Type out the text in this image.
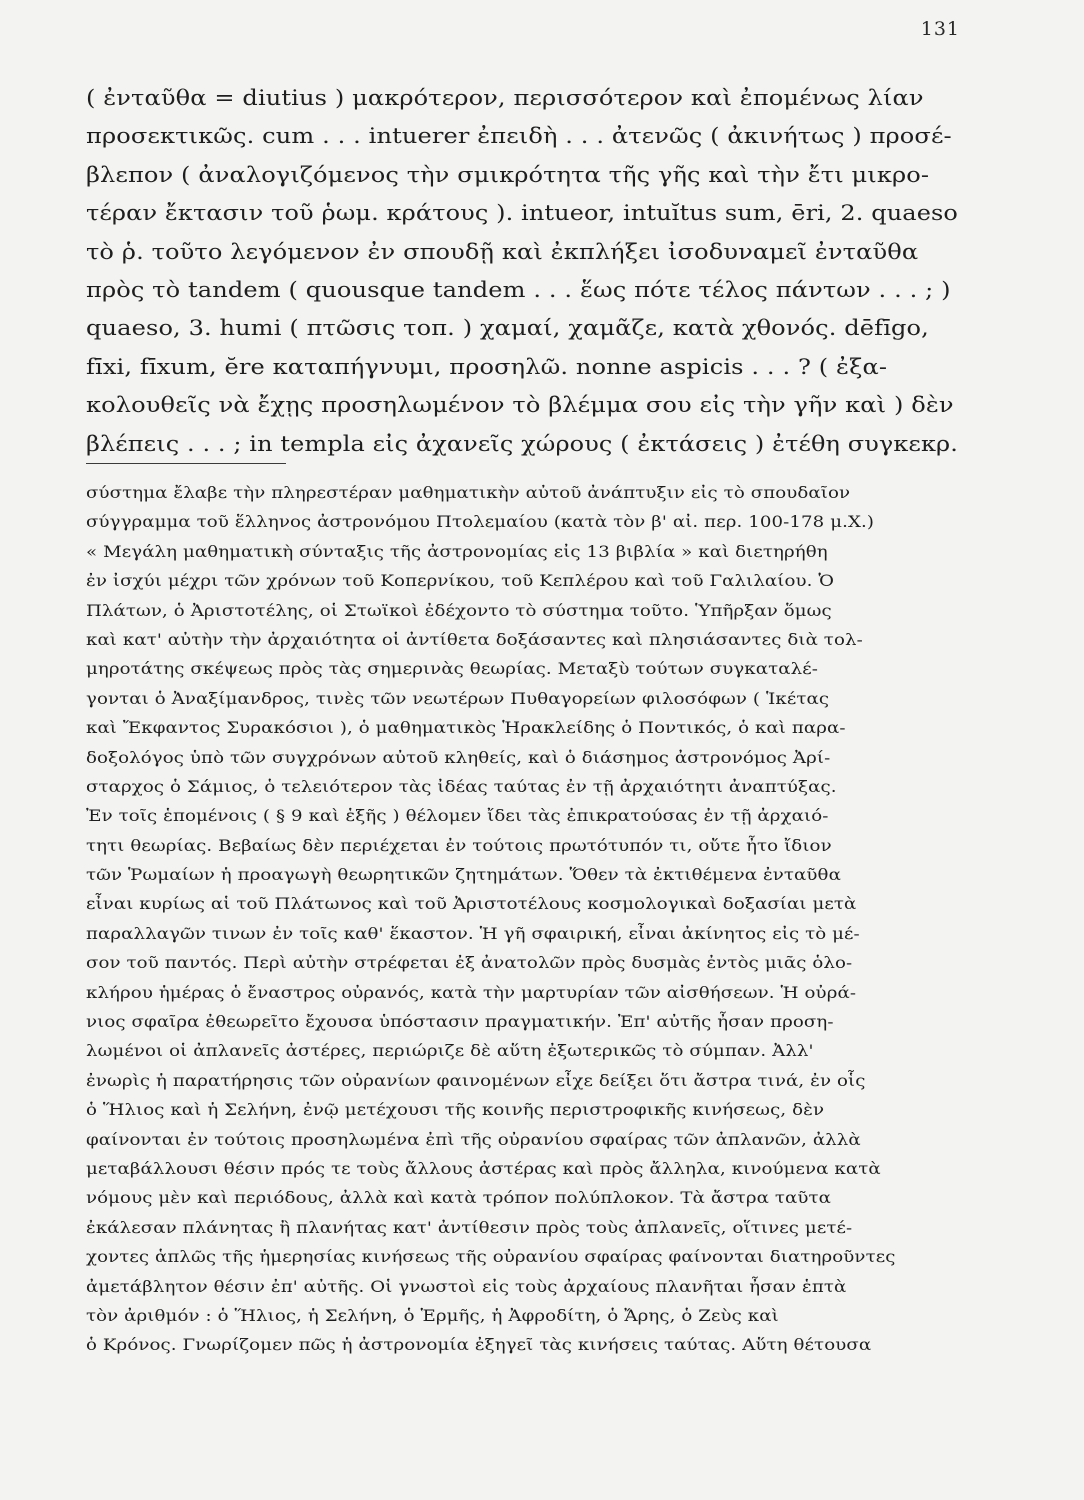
131
( ἐνταῦθα = diutius ) μακρότερον, περισσότερον καὶ ἐπομένως λίαν
προσεκτικῶς. cum . . . intuerer ἐπειδὴ . . . ἀτενῶς ( ἀκινήτως ) προσέ-
βλεπον ( ἀναλογιζόμενος τὴν σμικρότητα τῆς γῆς καὶ τὴν ἔτι μικρο-
τέραν ἔκτασιν τοῦ ῥωμ. κράτους ). intueor, intuĭtus sum, ēri, 2. quaeso
τὸ ῥ. τοῦτο λεγόμενον ἐν σπουδῇ καὶ ἐκπλήξει ἰσοδυναμεῖ ἐνταῦθα
πρὸς τὸ tandem ( quousque tandem . . . ἕως πότε τέλος πάντων . . . ; )
quaeso, 3. humi ( πτῶσις τοπ. ) χαμαί, χαμᾶζε, κατὰ χθονός. dēfīgo,
fīxi, fīxum, ĕre καταπήγνυμι, προσηλῶ. nonne aspicis . . . ? ( ἐξα-
κολουθεῖς νὰ ἔχῃς προσηλωμένον τὸ βλέμμα σου εἰς τὴν γῆν καὶ ) δὲν
βλέπεις . . . ; in templa εἰς ἀχανεῖς χώρους ( ἐκτάσεις ) ἐτέθη συγκεκρ.
σύστημα ἔλαβε τὴν πληρεστέραν μαθηματικὴν αὐτοῦ ἀνάπτυξιν εἰς τὸ σπουδαῖον
σύγγραμμα τοῦ ἕλληνος ἀστρονόμου Πτολεμαίου (κατὰ τὸν β' αἰ. περ. 100-178 μ.Χ.)
« Μεγάλη μαθηματικὴ σύνταξις τῆς ἀστρονομίας εἰς 13 βιβλία » καὶ διετηρήθη
ἐν ἰσχύι μέχρι τῶν χρόνων τοῦ Κοπερνίκου, τοῦ Κεπλέρου καὶ τοῦ Γαλιλαίου. Ὁ
Πλάτων, ὁ Ἀριστοτέλης, οἱ Στωϊκοὶ ἐδέχοντο τὸ σύστημα τοῦτο. Ὑπῆρξαν ὅμως
καὶ κατ' αὐτὴν τὴν ἀρχαιότητα οἱ ἀντίθετα δοξάσαντες καὶ πλησιάσαντες διὰ τολ-
μηροτάτης σκέψεως πρὸς τὰς σημερινὰς θεωρίας. Μεταξὺ τούτων συγκαταλέ-
γονται ὁ Ἀναξίμανδρος, τινὲς τῶν νεωτέρων Πυθαγορείων φιλοσόφων ( Ἱκέτας
καὶ Ἔκφαντος Συρακόσιοι ), ὁ μαθηματικὸς Ἡρακλείδης ὁ Ποντικός, ὁ καὶ παρα-
δοξολόγος ὑπὸ τῶν συγχρόνων αὐτοῦ κληθείς, καὶ ὁ διάσημος ἀστρονόμος Ἀρί-
σταρχος ὁ Σάμιος, ὁ τελειότερον τὰς ἰδέας ταύτας ἐν τῇ ἀρχαιότητι ἀναπτύξας.
Ἐν τοῖς ἑπομένοις ( § 9 καὶ ἑξῆς ) θέλομεν ἴδει τὰς ἐπικρατούσας ἐν τῇ ἀρχαιό-
τητι θεωρίας. Βεβαίως δὲν περιέχεται ἐν τούτοις πρωτότυπόν τι, οὔτε ἦτο ἴδιον
τῶν Ῥωμαίων ἡ προαγωγὴ θεωρητικῶν ζητημάτων. Ὅθεν τὰ ἐκτιθέμενα ἐνταῦθα
εἶναι κυρίως αἱ τοῦ Πλάτωνος καὶ τοῦ Ἀριστοτέλους κοσμολογικαὶ δοξασίαι μετὰ
παραλλαγῶν τινων ἐν τοῖς καθ' ἕκαστον. Ἡ γῆ σφαιρική, εἶναι ἀκίνητος εἰς τὸ μέ-
σον τοῦ παντός. Περὶ αὐτὴν στρέφεται ἐξ ἀνατολῶν πρὸς δυσμὰς ἐντὸς μιᾶς ὁλο-
κλήρου ἡμέρας ὁ ἔναστρος οὐρανός, κατὰ τὴν μαρτυρίαν τῶν αἰσθήσεων. Ἡ οὐρά-
νιος σφαῖρα ἐθεωρεῖτο ἔχουσα ὑπόστασιν πραγματικήν. Ἐπ' αὐτῆς ἦσαν προση-
λωμένοι οἱ ἀπλανεῖς ἀστέρες, περιώριζε δὲ αὕτη ἐξωτερικῶς τὸ σύμπαν. Ἀλλ'
ἐνωρὶς ἡ παρατήρησις τῶν οὐρανίων φαινομένων εἶχε δείξει ὅτι ἄστρα τινά, ἐν οἷς
ὁ Ἥλιος καὶ ἡ Σελήνη, ἐνῷ μετέχουσι τῆς κοινῆς περιστροφικῆς κινήσεως, δὲν
φαίνονται ἐν τούτοις προσηλωμένα ἐπὶ τῆς οὐρανίου σφαίρας τῶν ἀπλανῶν, ἀλλὰ
μεταβάλλουσι θέσιν πρός τε τοὺς ἄλλους ἀστέρας καὶ πρὸς ἄλληλα, κινούμενα κατὰ
νόμους μὲν καὶ περιόδους, ἀλλὰ καὶ κατὰ τρόπον πολύπλοκον. Τὰ ἄστρα ταῦτα
ἐκάλεσαν πλάνητας ἢ πλανήτας κατ' ἀντίθεσιν πρὸς τοὺς ἀπλανεῖς, οἵτινες μετέ-
χοντες ἁπλῶς τῆς ἡμερησίας κινήσεως τῆς οὐρανίου σφαίρας φαίνονται διατηροῦντες
ἀμετάβλητον θέσιν ἐπ' αὐτῆς. Οἱ γνωστοὶ εἰς τοὺς ἀρχαίους πλανῆται ἦσαν ἑπτὰ
τὸν ἀριθμόν : ὁ Ἥλιος, ἡ Σελήνη, ὁ Ἑρμῆς, ἡ Ἀφροδίτη, ὁ Ἄρης, ὁ Ζεὺς καὶ
ὁ Κρόνος. Γνωρίζομεν πῶς ἡ ἀστρονομία ἐξηγεῖ τὰς κινήσεις ταύτας. Αὕτη θέτουσα
